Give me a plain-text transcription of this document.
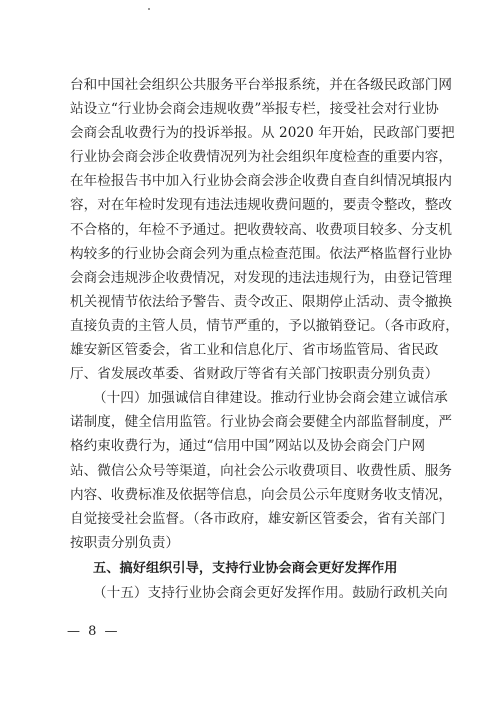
台和中国社会组织公共服务平台举报系统，并在各级民政部门网
站设立“行业协会商会违规收费”举报专栏，接受社会对行业协
会商会乱收费行为的投诉举报。从 2020 年开始，民政部门要把
行业协会商会涉企收费情况列为社会组织年度检查的重要内容，
在年检报告书中加入行业协会商会涉企收费自查自纠情况填报内
容，对在年检时发现有违法违规收费问题的，要责令整改，整改
不合格的，年检不予通过。把收费较高、收费项目较多、分支机
构较多的行业协会商会列为重点检查范围。依法严格监督行业协
会商会违规涉企收费情况，对发现的违法违规行为，由登记管理
机关视情节依法给予警告、责令改正、限期停止活动、责令撤换
直接负责的主管人员，情节严重的，予以撤销登记。（各市政府，
雄安新区管委会，省工业和信息化厅、省市场监管局、省民政
厅、省发展改革委、省财政厅等省有关部门按职责分别负责）
（十四）加强诚信自律建设。推动行业协会商会建立诚信承
诺制度，健全信用监管。行业协会商会要健全内部监督制度，严
格约束收费行为，通过“信用中国”网站以及协会商会门户网
站、微信公众号等渠道，向社会公示收费项目、收费性质、服务
内容、收费标准及依据等信息，向会员公示年度财务收支情况，
自觉接受社会监督。（各市政府，雄安新区管委会，省有关部门
按职责分别负责）
五、搞好组织引导，支持行业协会商会更好发挥作用
（十五）支持行业协会商会更好发挥作用。鼓励行政机关向
— 8 —
